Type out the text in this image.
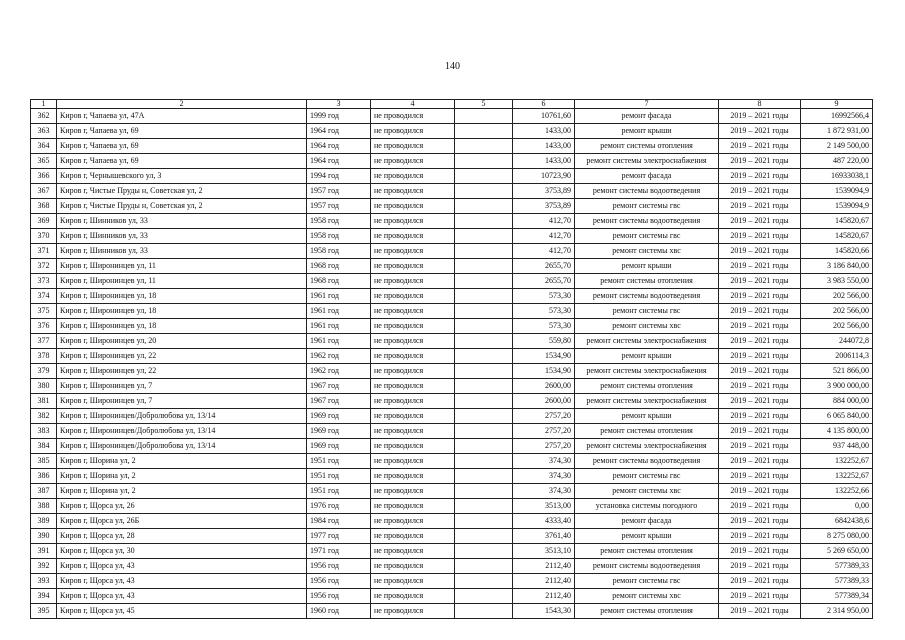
140
1	2	3	4	5	6	7	8	9
362	Киров г, Чапаева ул, 47А	1999 год	не проводился		10761,60	ремонт фасада	2019 – 2021 годы	16992566,4
363	Киров г, Чапаева ул, 69	1964 год	не проводился		1433,00	ремонт крыши	2019 – 2021 годы	1 872 931,00
364	Киров г, Чапаева ул, 69	1964 год	не проводился		1433,00	ремонт системы отопления	2019 – 2021 годы	2 149 500,00
365	Киров г, Чапаева ул, 69	1964 год	не проводился		1433,00	ремонт системы электроснабжения	2019 – 2021 годы	487 220,00
366	Киров г, Чернышевского ул, 3	1994 год	не проводился		10723,90	ремонт фасада	2019 – 2021 годы	16933038,1
367	Киров г, Чистые Пруды н, Советская ул, 2	1957 год	не проводился		3753,89	ремонт системы водоотведения	2019 – 2021 годы	1539094,9
368	Киров г, Чистые Пруды н, Советская ул, 2	1957 год	не проводился		3753,89	ремонт системы гвс	2019 – 2021 годы	1539094,9
369	Киров г, Шинников ул, 33	1958 год	не проводился		412,70	ремонт системы водоотведения	2019 – 2021 годы	145820,67
370	Киров г, Шинников ул, 33	1958 год	не проводился		412,70	ремонт системы гвс	2019 – 2021 годы	145820,67
371	Киров г, Шинников ул, 33	1958 год	не проводился		412,70	ремонт системы хвс	2019 – 2021 годы	145820,66
372	Киров г, Широнинцев ул, 11	1968 год	не проводился		2655,70	ремонт крыши	2019 – 2021 годы	3 186 840,00
373	Киров г, Широнинцев ул, 11	1968 год	не проводился		2655,70	ремонт системы отопления	2019 – 2021 годы	3 983 550,00
374	Киров г, Широнинцев ул, 18	1961 год	не проводился		573,30	ремонт системы водоотведения	2019 – 2021 годы	202 566,00
375	Киров г, Широнинцев ул, 18	1961 год	не проводился		573,30	ремонт системы гвс	2019 – 2021 годы	202 566,00
376	Киров г, Широнинцев ул, 18	1961 год	не проводился		573,30	ремонт системы хвс	2019 – 2021 годы	202 566,00
377	Киров г, Широнинцев ул, 20	1961 год	не проводился		559,80	ремонт системы электроснабжения	2019 – 2021 годы	244072,8
378	Киров г, Широнинцев ул, 22	1962 год	не проводился		1534,90	ремонт крыши	2019 – 2021 годы	2006114,3
379	Киров г, Широнинцев ул, 22	1962 год	не проводился		1534,90	ремонт системы электроснабжения	2019 – 2021 годы	521 866,00
380	Киров г, Широнинцев ул, 7	1967 год	не проводился		2600,00	ремонт системы отопления	2019 – 2021 годы	3 900 000,00
381	Киров г, Широнинцев ул, 7	1967 год	не проводился		2600,00	ремонт системы электроснабжения	2019 – 2021 годы	884 000,00
382	Киров г, Широнинцев/Добролюбова ул, 13/14	1969 год	не проводился		2757,20	ремонт крыши	2019 – 2021 годы	6 065 840,00
383	Киров г, Широнинцев/Добролюбова ул, 13/14	1969 год	не проводился		2757,20	ремонт системы отопления	2019 – 2021 годы	4 135 800,00
384	Киров г, Широнинцев/Добролюбова ул, 13/14	1969 год	не проводился		2757,20	ремонт системы электроснабжения	2019 – 2021 годы	937 448,00
385	Киров г, Шорина ул, 2	1951 год	не проводился		374,30	ремонт системы водоотведения	2019 – 2021 годы	132252,67
386	Киров г, Шорина ул, 2	1951 год	не проводился		374,30	ремонт системы гвс	2019 – 2021 годы	132252,67
387	Киров г, Шорина ул, 2	1951 год	не проводился		374,30	ремонт системы хвс	2019 – 2021 годы	132252,66
388	Киров г, Щорса ул, 26	1976 год	не проводился		3513,00	установка системы погодного	2019 – 2021 годы	0,00
389	Киров г, Щорса ул, 26Б	1984 год	не проводился		4333,40	ремонт фасада	2019 – 2021 годы	6842438,6
390	Киров г, Щорса ул, 28	1977 год	не проводился		3761,40	ремонт крыши	2019 – 2021 годы	8 275 080,00
391	Киров г, Щорса ул, 30	1971 год	не проводился		3513,10	ремонт системы отопления	2019 – 2021 годы	5 269 650,00
392	Киров г, Щорса ул, 43	1956 год	не проводился		2112,40	ремонт системы водоотведения	2019 – 2021 годы	577389,33
393	Киров г, Щорса ул, 43	1956 год	не проводился		2112,40	ремонт системы гвс	2019 – 2021 годы	577389,33
394	Киров г, Щорса ул, 43	1956 год	не проводился		2112,40	ремонт системы хвс	2019 – 2021 годы	577389,34
395	Киров г, Щорса ул, 45	1960 год	не проводился		1543,30	ремонт системы отопления	2019 – 2021 годы	2 314 950,00
